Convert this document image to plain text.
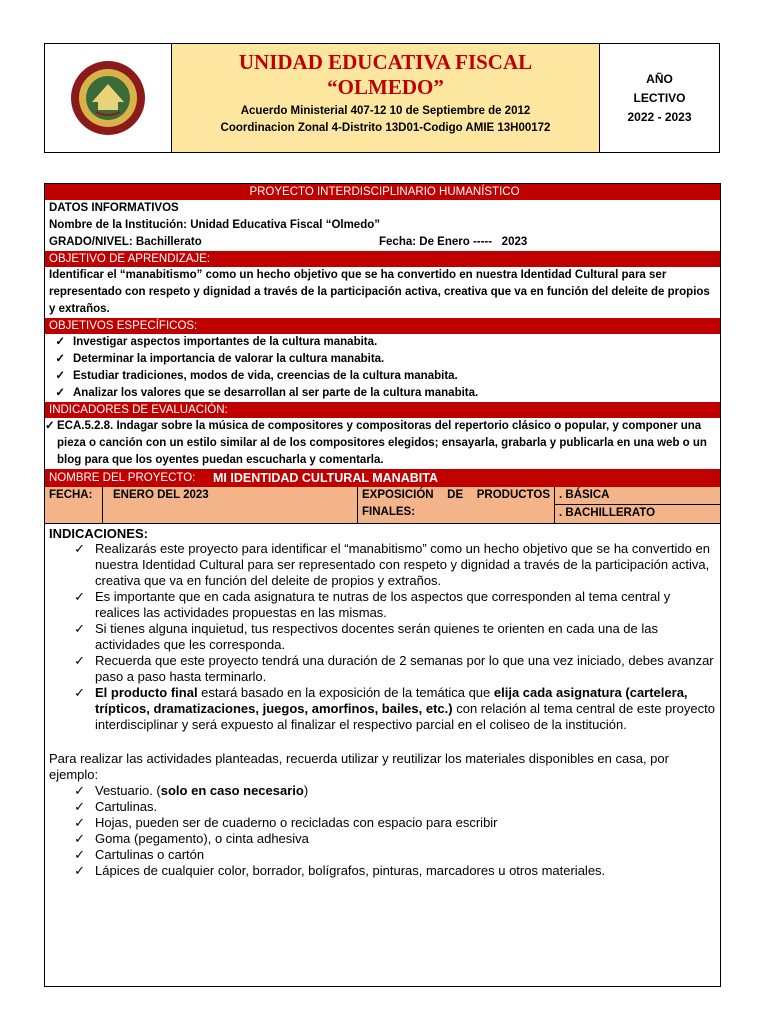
UNIDAD EDUCATIVA FISCAL
“OLMEDO”
Acuerdo Ministerial 407-12 10 de Septiembre de 2012
Coordinacion Zonal 4-Distrito 13D01-Codigo AMIE 13H00172
AÑO
LECTIVO
2022 - 2023
PROYECTO INTERDISCIPLINARIO HUMANÍSTICO
DATOS INFORMATIVOS
Nombre de la Institución: Unidad Educativa Fiscal “Olmedo”
GRADO/NIVEL: Bachillerato	Fecha: De Enero -----   2023
OBJETIVO DE APRENDIZAJE:
Identificar el “manabitismo” como un hecho objetivo que se ha convertido en nuestra Identidad Cultural para ser representado con respeto y dignidad a través de la participación activa, creativa que va en función del deleite de propios y extraños.
OBJETIVOS ESPECÍFICOS:
✓ Investigar aspectos importantes de la cultura manabita.
✓ Determinar la importancia de valorar la cultura manabita.
✓ Estudiar tradiciones, modos de vida, creencias de la cultura manabita.
✓ Analizar los valores que se desarrollan al ser parte de la cultura manabita.
INDICADORES DE EVALUACIÓN:
✓ ECA.5.2.8. Indagar sobre la música de compositores y compositoras del repertorio clásico o popular, y componer una pieza o canción con un estilo similar al de los compositores elegidos; ensayarla, grabarla y publicarla en una web o un blog para que los oyentes puedan escucharla y comentarla.
NOMBRE DEL PROYECTO:	MI IDENTIDAD CULTURAL MANABITA
FECHA:	ENERO DEL 2023	EXPOSICIÓN DE PRODUCTOS FINALES:
. BÁSICA
. BACHILLERATO
INDICACIONES:
✓ Realizarás este proyecto para identificar el “manabitismo” como un hecho objetivo que se ha convertido en nuestra Identidad Cultural para ser representado con respeto y dignidad a través de la participación activa, creativa que va en función del deleite de propios y extraños.
✓ Es importante que en cada asignatura te nutras de los aspectos que corresponden al tema central y realices las actividades propuestas en las mismas.
✓ Si tienes alguna inquietud, tus respectivos docentes serán quienes te orienten en cada una de las actividades que les corresponda.
✓ Recuerda que este proyecto tendrá una duración de 2 semanas por lo que una vez iniciado, debes avanzar paso a paso hasta terminarlo.
✓ El producto final estará basado en la exposición de la temática que elija cada asignatura (cartelera, trípticos, dramatizaciones, juegos, amorfinos, bailes, etc.) con relación al tema central de este proyecto interdisciplinar y será expuesto al finalizar el respectivo parcial en el coliseo de la institución.
Para realizar las actividades planteadas, recuerda utilizar y reutilizar los materiales disponibles en casa, por ejemplo:
✓ Vestuario. (solo en caso necesario)
✓ Cartulinas.
✓ Hojas, pueden ser de cuaderno o recicladas con espacio para escribir
✓ Goma (pegamento), o cinta adhesiva
✓ Cartulinas o cartón
✓ Lápices de cualquier color, borrador, bolígrafos, pinturas, marcadores u otros materiales.
